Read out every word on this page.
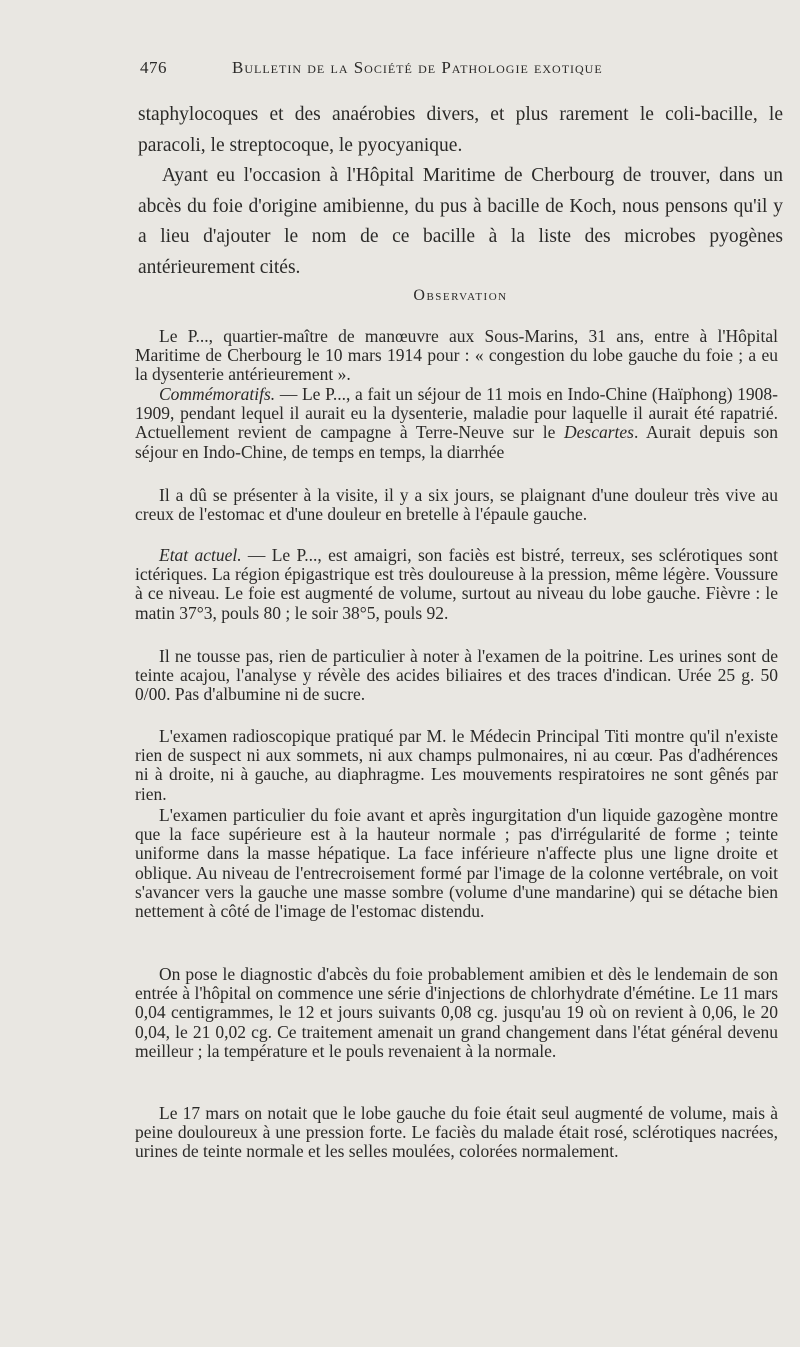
476	Bulletin de la Société de Pathologie exotique
staphylocoques et des anaérobies divers, et plus rarement le coli-bacille, le paracoli, le streptocoque, le pyocyanique.
Ayant eu l'occasion à l'Hôpital Maritime de Cherbourg de trouver, dans un abcès du foie d'origine amibienne, du pus à bacille de Koch, nous pensons qu'il y a lieu d'ajouter le nom de ce bacille à la liste des microbes pyogènes antérieurement cités.
Observation
Le P..., quartier-maître de manœuvre aux Sous-Marins, 31 ans, entre à l'Hôpital Maritime de Cherbourg le 10 mars 1914 pour : « congestion du lobe gauche du foie ; a eu la dysenterie antérieurement ».
Commémoratifs. — Le P..., a fait un séjour de 11 mois en Indo-Chine (Haïphong) 1908-1909, pendant lequel il aurait eu la dysenterie, maladie pour laquelle il aurait été rapatrié. Actuellement revient de campagne à Terre-Neuve sur le Descartes. Aurait depuis son séjour en Indo-Chine, de temps en temps, la diarrhée
Il a dû se présenter à la visite, il y a six jours, se plaignant d'une douleur très vive au creux de l'estomac et d'une douleur en bretelle à l'épaule gauche.
Etat actuel. — Le P..., est amaigri, son faciès est bistré, terreux, ses sclérotiques sont ictériques. La région épigastrique est très douloureuse à la pression, même légère. Voussure à ce niveau. Le foie est augmenté de volume, surtout au niveau du lobe gauche. Fièvre : le matin 37°3, pouls 80 ; le soir 38°5, pouls 92.
Il ne tousse pas, rien de particulier à noter à l'examen de la poitrine. Les urines sont de teinte acajou, l'analyse y révèle des acides biliaires et des traces d'indican. Urée 25 g. 50 0/00. Pas d'albumine ni de sucre.
L'examen radioscopique pratiqué par M. le Médecin Principal Titi montre qu'il n'existe rien de suspect ni aux sommets, ni aux champs pulmonaires, ni au cœur. Pas d'adhérences ni à droite, ni à gauche, au diaphragme. Les mouvements respiratoires ne sont gênés par rien.
L'examen particulier du foie avant et après ingurgitation d'un liquide gazogène montre que la face supérieure est à la hauteur normale ; pas d'irrégularité de forme ; teinte uniforme dans la masse hépatique. La face inférieure n'affecte plus une ligne droite et oblique. Au niveau de l'entrecroisement formé par l'image de la colonne vertébrale, on voit s'avancer vers la gauche une masse sombre (volume d'une mandarine) qui se détache bien nettement à côté de l'image de l'estomac distendu.
On pose le diagnostic d'abcès du foie probablement amibien et dès le lendemain de son entrée à l'hôpital on commence une série d'injections de chlorhydrate d'émétine. Le 11 mars 0,04 centigrammes, le 12 et jours suivants 0,08 cg. jusqu'au 19 où on revient à 0,06, le 20 0,04, le 21 0,02 cg. Ce traitement amenait un grand changement dans l'état général devenu meilleur ; la température et le pouls revenaient à la normale.
Le 17 mars on notait que le lobe gauche du foie était seul augmenté de volume, mais à peine douloureux à une pression forte. Le faciès du malade était rosé, sclérotiques nacrées, urines de teinte normale et les selles moulées, colorées normalement.
